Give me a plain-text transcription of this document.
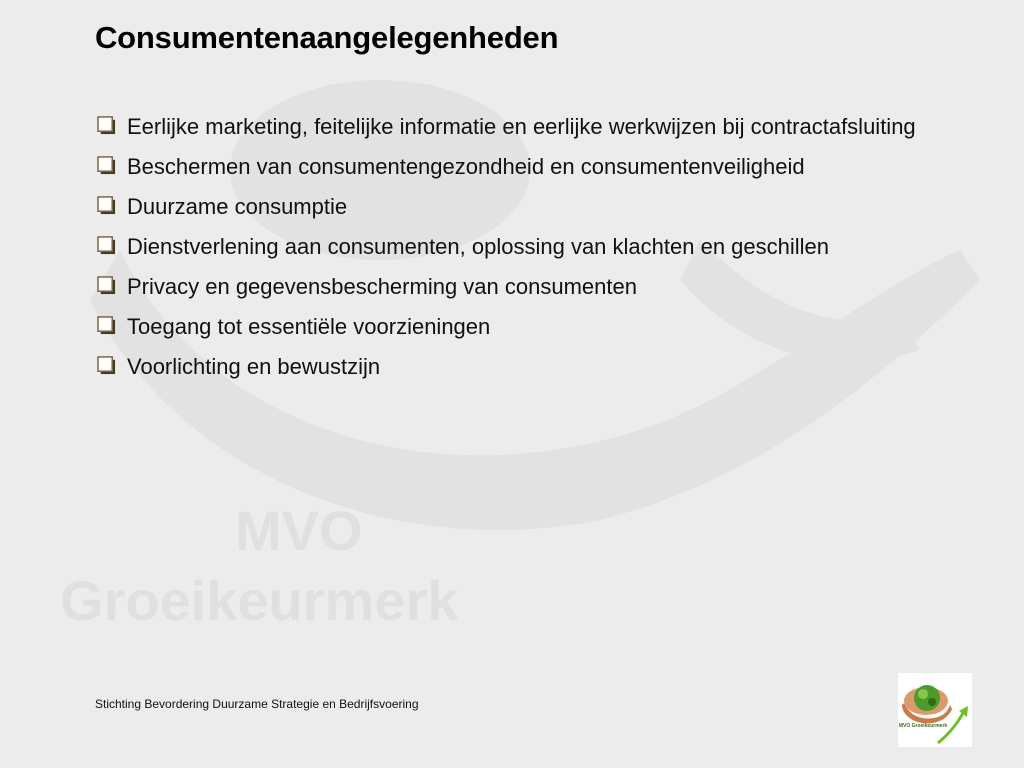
MVO
Groeikeurmerk
Consumentenaangelegenheden
Eerlijke marketing, feitelijke informatie en eerlijke werkwijzen bij contractafsluiting
Beschermen van consumentengezondheid en consumentenveiligheid
Duurzame consumptie
Dienstverlening aan consumenten, oplossing van klachten en geschillen
Privacy en gegevensbescherming van consumenten
Toegang tot essentiële voorzieningen
Voorlichting en bewustzijn
Stichting Bevordering Duurzame Strategie en Bedrijfsvoering
MVO Groeikeurmerk
